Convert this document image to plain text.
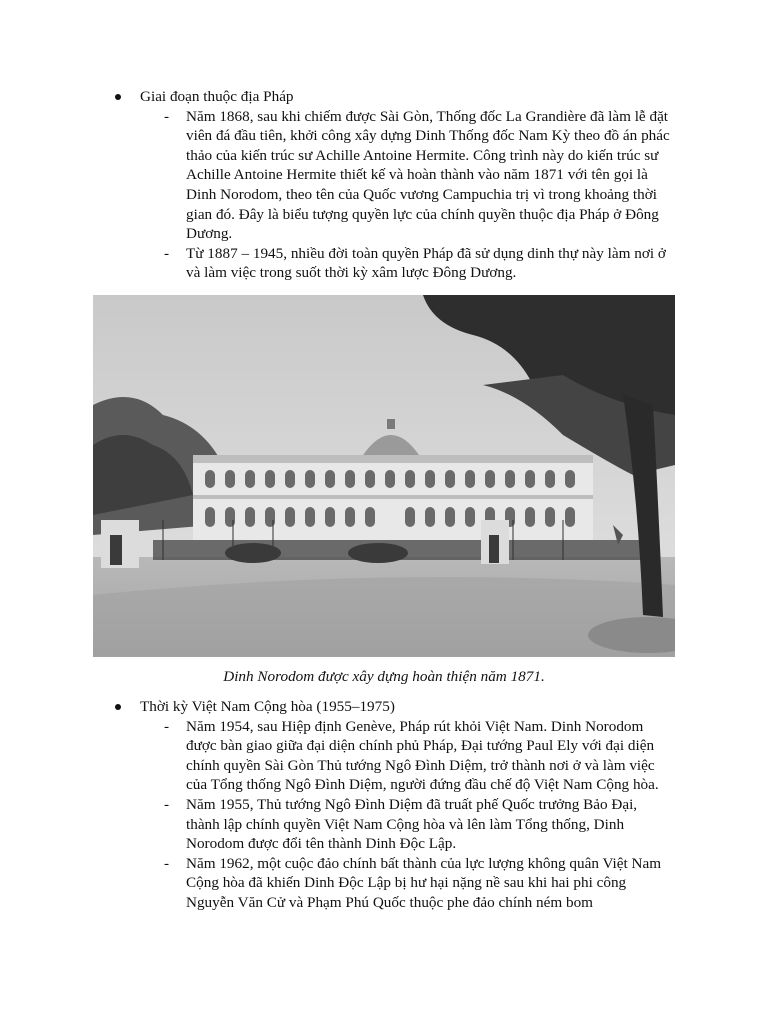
Giai đoạn thuộc địa Pháp
- Năm 1868, sau khi chiếm được Sài Gòn, Thống đốc La Grandière đã làm lễ đặt viên đá đầu tiên, khởi công xây dựng Dinh Thống đốc Nam Kỳ theo đồ án phác thảo của kiến trúc sư Achille Antoine Hermite. Công trình này do kiến trúc sư Achille Antoine Hermite thiết kế và hoàn thành vào năm 1871 với tên gọi là Dinh Norodom, theo tên của Quốc vương Campuchia trị vì trong khoảng thời gian đó. Đây là biểu tượng quyền lực của chính quyền thuộc địa Pháp ở Đông Dương.
- Từ 1887 – 1945, nhiều đời toàn quyền Pháp đã sử dụng dinh thự này làm nơi ở và làm việc trong suốt thời kỳ xâm lược Đông Dương.
Dinh Norodom được xây dựng hoàn thiện năm 1871.
Thời kỳ Việt Nam Cộng hòa (1955–1975)
- Năm 1954, sau Hiệp định Genève, Pháp rút khỏi Việt Nam. Dinh Norodom được bàn giao giữa đại diện chính phủ Pháp, Đại tướng Paul Ely với đại diện chính quyền Sài Gòn Thủ tướng Ngô Đình Diệm, trở thành nơi ở và làm việc của Tổng thống Ngô Đình Diệm, người đứng đầu chế độ Việt Nam Cộng hòa.
- Năm 1955, Thủ tướng Ngô Đình Diệm đã truất phế Quốc trưởng Bảo Đại, thành lập chính quyền Việt Nam Cộng hòa và lên làm Tổng thống, Dinh Norodom được đổi tên thành Dinh Độc Lập.
- Năm 1962, một cuộc đảo chính bất thành của lực lượng không quân Việt Nam Cộng hòa đã khiến Dinh Độc Lập bị hư hại nặng nề sau khi hai phi công Nguyễn Văn Cử và Phạm Phú Quốc thuộc phe đảo chính ném bom
